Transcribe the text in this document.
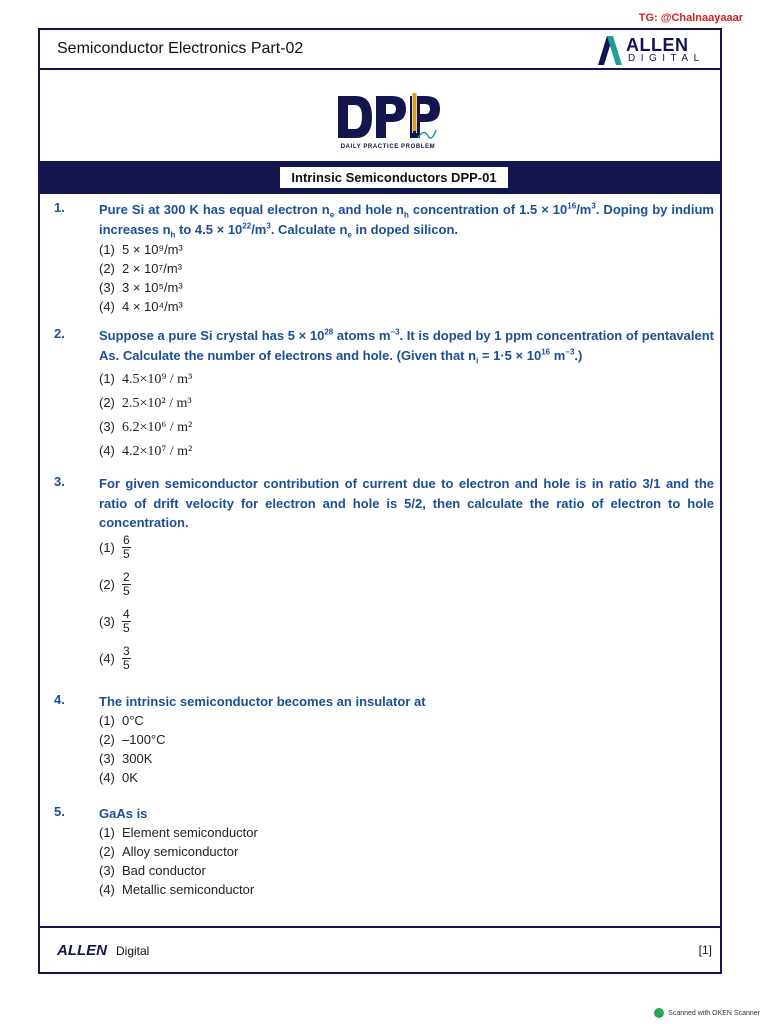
TG: @Chalnaayaaar
Semiconductor Electronics Part-02	ALLEN
DIGITAL
DAILY PRACTICE PROBLEM
Intrinsic Semiconductors DPP-01
1.	Pure Si at 300 K has equal electron $n_e$ and hole $n_h$ concentration of $1.5 \times 10^{16}/m^3$. Doping by indium increases $n_h$ to $4.5 \times 10^{22}/m^3$. Calculate $n_e$ in doped silicon.
(1) 5 × 10⁹/m³
(2) 2 × 10⁷/m³
(3) 3 × 10⁵/m³
(4) 4 × 10⁴/m³
2.	Suppose a pure Si crystal has $5 \times 10^{28}$ atoms $m^{-3}$. It is doped by 1 ppm concentration of pentavalent As. Calculate the number of electrons and hole. (Given that $n_i = 1\cdot 5 \times 10^{16}$ $m^{-3}$.)
(1) 4.5×10⁹ / m³
(2) 2.5×10² / m³
(3) 6.2×10⁶ / m²
(4) 4.2×10⁷ / m²
3.	For given semiconductor contribution of current due to electron and hole is in ratio 3/1 and the ratio of drift velocity for electron and hole is 5/2, then calculate the ratio of electron to hole concentration.
$(1) \frac{6}{5}$
$(2) \frac{2}{5}$
$(3) \frac{4}{5}$
$(4) \frac{3}{5}$
4.	The intrinsic semiconductor becomes an insulator at
(1) 0°C
(2) –100°C
(3) 300K
(4) 0K
5.	GaAs is
(1) Element semiconductor
(2) Alloy semiconductor
(3) Bad conductor
(4) Metallic semiconductor
ALLEN Digital	[1]
Scanned with OKEN Scanner
